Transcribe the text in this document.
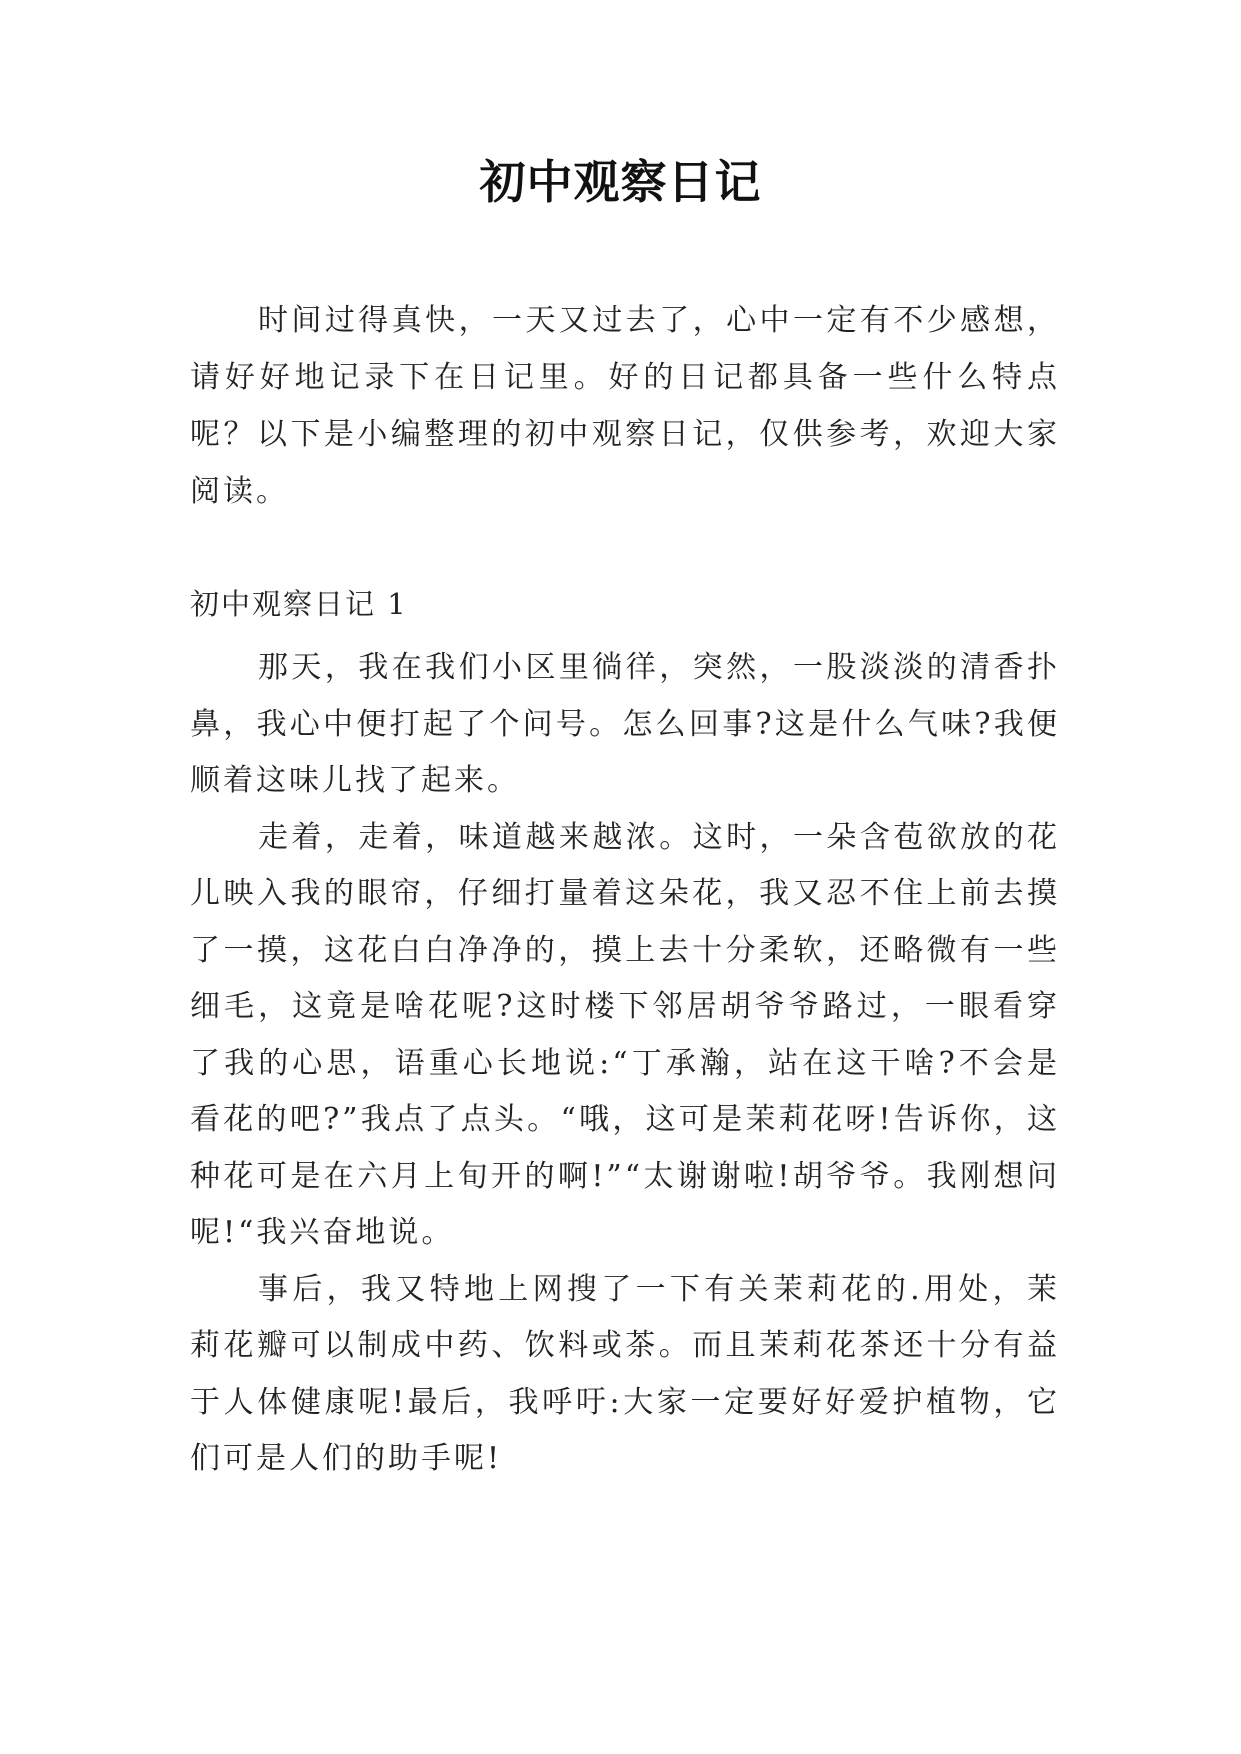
初中观察日记

时间过得真快，一天又过去了，心中一定有不少感想，请好好地记录下在日记里。好的日记都具备一些什么特点呢？以下是小编整理的初中观察日记，仅供参考，欢迎大家阅读。

初中观察日记 1

那天，我在我们小区里徜徉，突然，一股淡淡的清香扑鼻，我心中便打起了个问号。怎么回事?这是什么气味?我便顺着这味儿找了起来。

走着，走着，味道越来越浓。这时，一朵含苞欲放的花儿映入我的眼帘，仔细打量着这朵花，我又忍不住上前去摸了一摸，这花白白净净的，摸上去十分柔软，还略微有一些细毛，这竟是啥花呢?这时楼下邻居胡爷爷路过，一眼看穿了我的心思，语重心长地说:“丁承瀚，站在这干啥?不会是看花的吧?”我点了点头。“哦，这可是茉莉花呀!告诉你，这种花可是在六月上旬开的啊!”“太谢谢啦!胡爷爷。我刚想问呢!“我兴奋地说。

事后，我又特地上网搜了一下有关茉莉花的.用处，茉莉花瓣可以制成中药、饮料或茶。而且茉莉花茶还十分有益于人体健康呢!最后，我呼吁:大家一定要好好爱护植物，它们可是人们的助手呢!
